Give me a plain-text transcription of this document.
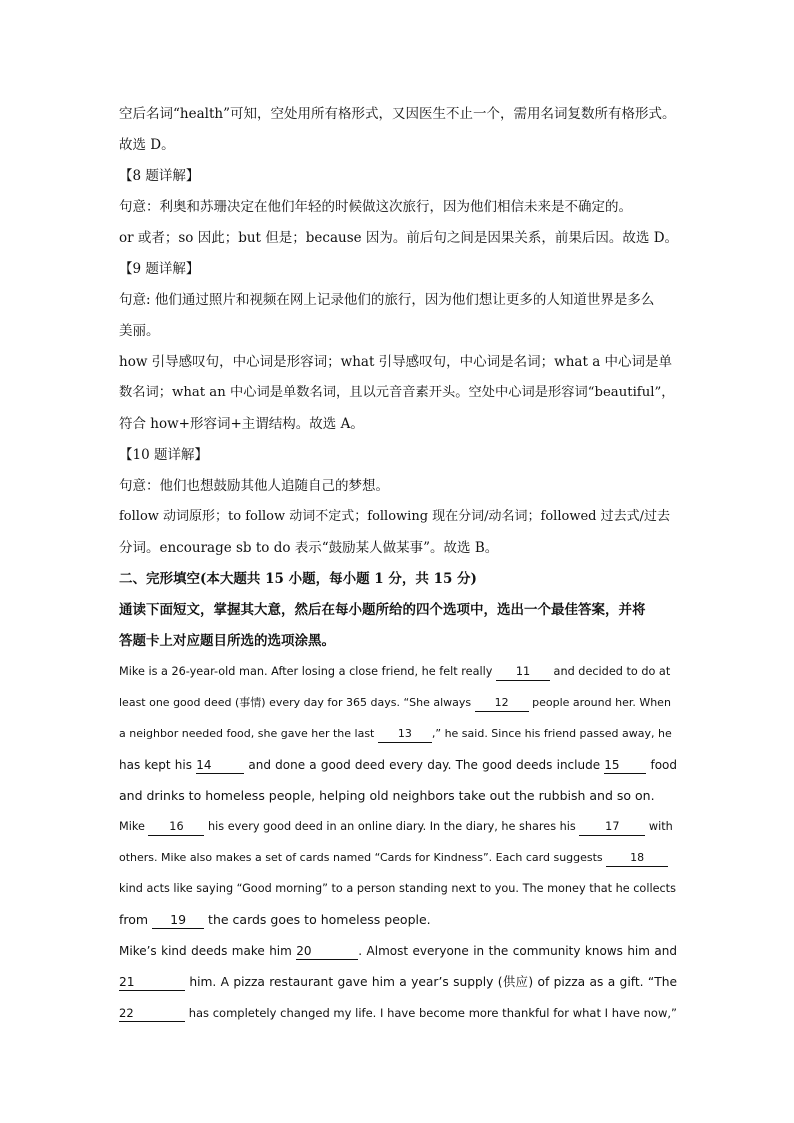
空后名词“health”可知，空处用所有格形式，又因医生不止一个，需用名词复数所有格形式。
故选 D。
【8 题详解】
句意：利奥和苏珊决定在他们年轻的时候做这次旅行，因为他们相信未来是不确定的。
or 或者；so 因此；but 但是；because 因为。前后句之间是因果关系，前果后因。故选 D。
【9 题详解】
句意: 他们通过照片和视频在网上记录他们的旅行，因为他们想让更多的人知道世界是多么
美丽。
how 引导感叹句，中心词是形容词；what 引导感叹句，中心词是名词；what a 中心词是单
数名词；what an 中心词是单数名词，且以元音音素开头。空处中心词是形容词“beautiful”，
符合 how+形容词+主谓结构。故选 A。
【10 题详解】
句意：他们也想鼓励其他人追随自己的梦想。
follow 动词原形；to follow 动词不定式；following 现在分词/动名词；followed 过去式/过去
分词。encourage sb to do 表示“鼓励某人做某事”。故选 B。
二、完形填空(本大题共 15 小题，每小题 1 分，共 15 分)
通读下面短文，掌握其大意，然后在每小题所给的四个选项中，选出一个最佳答案，并将
答题卡上对应题目所选的选项涂黑。
Mike is a 26-year-old man. After losing a close friend, he felt really 11 and decided to do at
least one good deed (事情) every day for 365 days. “She always 12 people around her. When
a neighbor needed food, she gave her the last 13 ,” he said. Since his friend passed away, he
has kept his 14	and done a good deed every day. The good deeds include 15 food
and drinks to homeless people, helping old neighbors take out the rubbish and so on.
Mike 16 his every good deed in an online diary. In the diary, he shares his 17 with
others. Mike also makes a set of cards named “Cards for Kindness”. Each card suggests 18
kind acts like saying “Good morning” to a person standing next to you. The money that he collects
from 19 the cards goes to homeless people.
Mike’s kind deeds make him 20	. Almost everyone in the community knows him and
21	him. A pizza restaurant gave him a year’s supply (供应) of pizza as a gift. “The
22	has completely changed my life. I have become more thankful for what I have now,”
